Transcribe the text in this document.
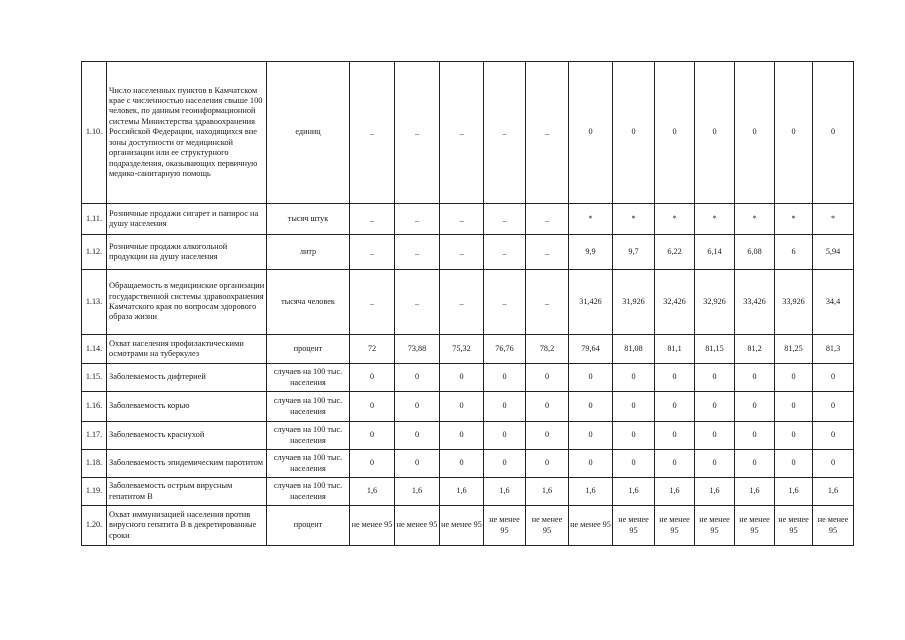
1.10.	Число населенных пунктов в Камчатском крае с численностью населения свыше 100 человек, по данным геоинформационной системы Министерства здравоохранения Российской Федерации, находящихся вне зоны доступности от медицинской организации или ее структурного подразделения, оказывающих первичную медико-санитарную помощь	единиц	_	_	_	_	_	0	0	0	0	0	0	0
1.11.	Розничные продажи сигарет и папирос на душу населения	тысяч штук	_	_	_	_	_	*	*	*	*	*	*	*
1.12.	Розничные продажи алкогольной продукции на душу населения	литр	_	_	_	_	_	9,9	9,7	6,22	6,14	6,08	6	5,94
1.13.	Обращаемость в медицинские организации государственной системы здравоохранения Камчатского края по вопросам здорового образа жизни	тысяча человек	_	_	_	_	_	31,426	31,926	32,426	32,926	33,426	33,926	34,4
1.14.	Охват населения профилактическими осмотрами на туберкулез	процент	72	73,88	75,32	76,76	78,2	79,64	81,08	81,1	81,15	81,2	81,25	81,3
1.15.	Заболеваемость дифтерией	случаев на 100 тыс. населения	0	0	0	0	0	0	0	0	0	0	0	0
1.16.	Заболеваемость корью	случаев на 100 тыс. населения	0	0	0	0	0	0	0	0	0	0	0	0
1.17.	Заболеваемость краснухой	случаев на 100 тыс. населения	0	0	0	0	0	0	0	0	0	0	0	0
1.18.	Заболеваемость эпидемическим паротитом	случаев на 100 тыс. населения	0	0	0	0	0	0	0	0	0	0	0	0
1.19.	Заболеваемость острым вирусным гепатитом В	случаев на 100 тыс. населения	1,6	1,6	1,6	1,6	1,6	1,6	1,6	1,6	1,6	1,6	1,6	1,6
1.20.	Охват иммунизацией населения против вирусного гепатита В в декретированные сроки	процент	не менее 95	не менее 95	не менее 95	не менее 95	не менее 95	не менее 95	не менее 95	не менее 95	не менее 95	не менее 95	не менее 95	не менее 95
